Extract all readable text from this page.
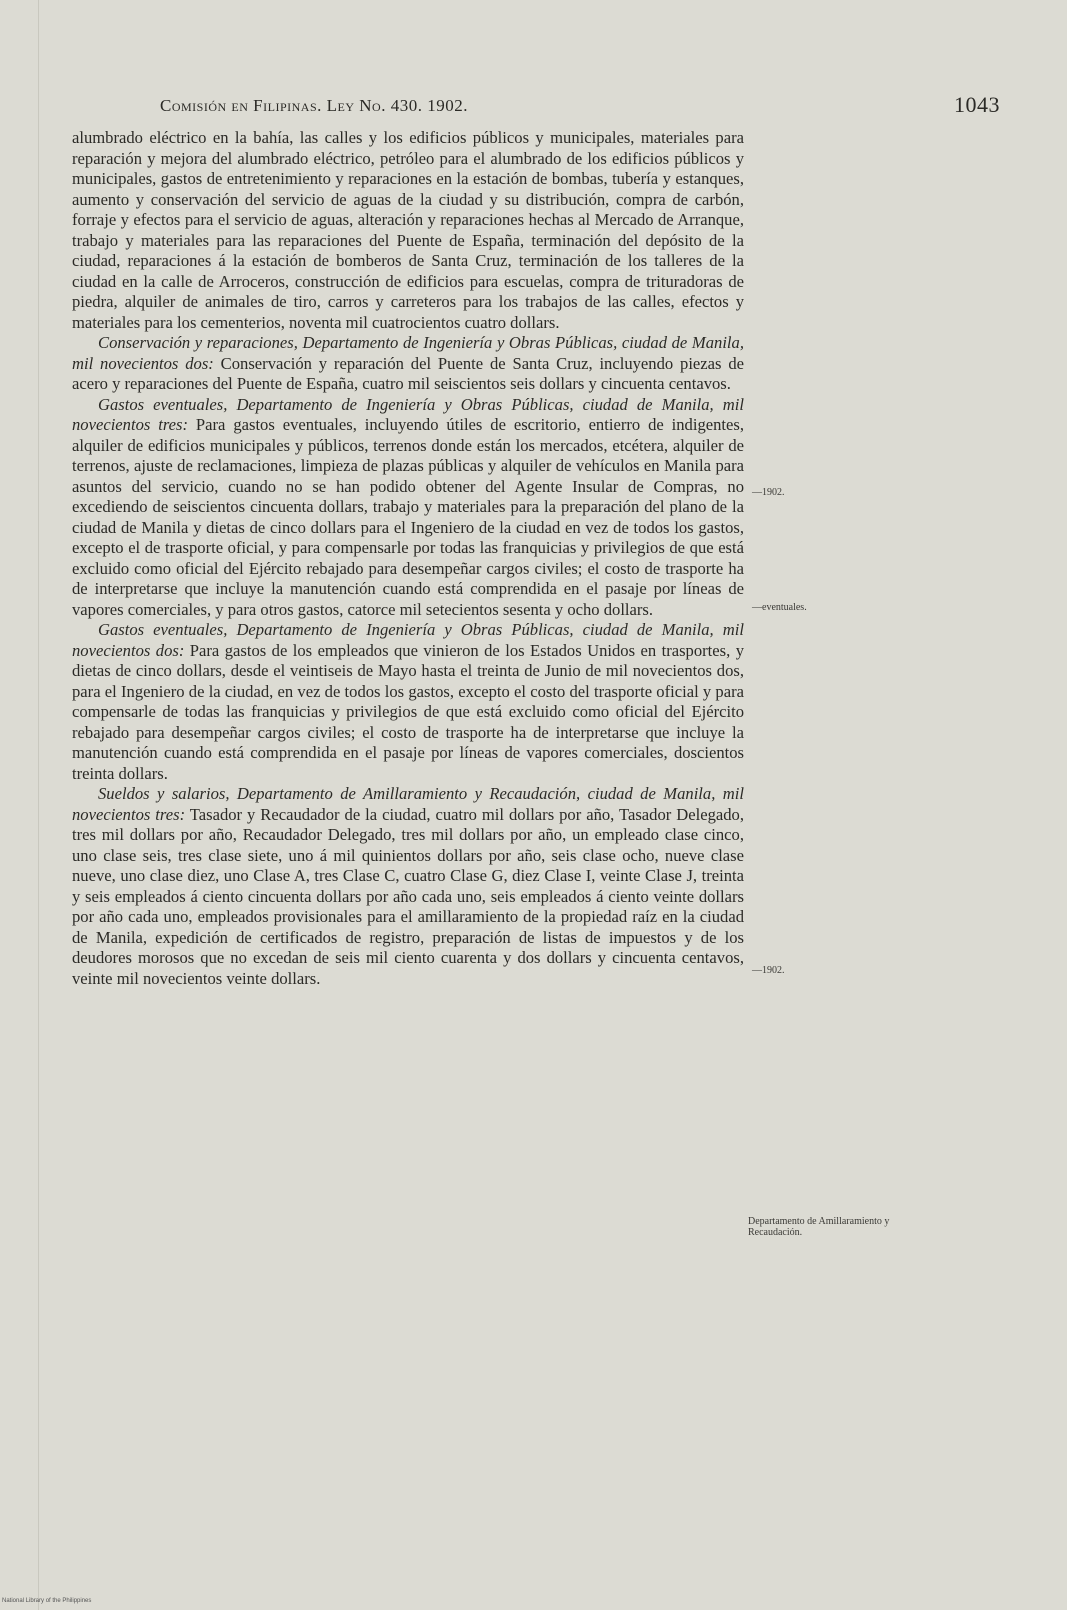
Comisión en Filipinas. Ley No. 430. 1902.	1043

alumbrado eléctrico en la bahía, las calles y los edificios públicos y municipales, materiales para reparación y mejora del alumbrado eléctrico, petróleo para el alumbrado de los edificios públicos y municipales, gastos de entretenimiento y reparaciones en la estación de bombas, tubería y estanques, aumento y conservación del servicio de aguas de la ciudad y su distribución, compra de carbón, forraje y efectos para el servicio de aguas, alteración y reparaciones hechas al Mercado de Arranque, trabajo y materiales para las reparaciones del Puente de España, terminación del depósito de la ciudad, reparaciones á la estación de bomberos de Santa Cruz, terminación de los talleres de la ciudad en la calle de Arroceros, construcción de edificios para escuelas, compra de trituradoras de piedra, alquiler de animales de tiro, carros y carreteros para los trabajos de las calles, efectos y materiales para los cementerios, noventa mil cuatrocientos cuatro dollars.

Conservación y reparaciones, Departamento de Ingeniería y Obras Públicas, ciudad de Manila, mil novecientos dos: Conservación y reparación del Puente de Santa Cruz, incluyendo piezas de acero y reparaciones del Puente de España, cuatro mil seiscientos seis dollars y cincuenta centavos.

Gastos eventuales, Departamento de Ingeniería y Obras Públicas, ciudad de Manila, mil novecientos tres: Para gastos eventuales, incluyendo útiles de escritorio, entierro de indigentes, alquiler de edificios municipales y públicos, terrenos donde están los mercados, etcétera, alquiler de terrenos, ajuste de reclamaciones, limpieza de plazas públicas y alquiler de vehículos en Manila para asuntos del servicio, cuando no se han podido obtener del Agente Insular de Compras, no excediendo de seiscientos cincuenta dollars, trabajo y materiales para la preparación del plano de la ciudad de Manila y dietas de cinco dollars para el Ingeniero de la ciudad en vez de todos los gastos, excepto el de trasporte oficial, y para compensarle por todas las franquicias y privilegios de que está excluido como oficial del Ejército rebajado para desempeñar cargos civiles; el costo de trasporte ha de interpretarse que incluye la manutención cuando está comprendida en el pasaje por líneas de vapores comerciales, y para otros gastos, catorce mil setecientos sesenta y ocho dollars.

Gastos eventuales, Departamento de Ingeniería y Obras Públicas, ciudad de Manila, mil novecientos dos: Para gastos de los empleados que vinieron de los Estados Unidos en trasportes, y dietas de cinco dollars, desde el veintiseis de Mayo hasta el treinta de Junio de mil novecientos dos, para el Ingeniero de la ciudad, en vez de todos los gastos, excepto el costo del trasporte oficial y para compensarle de todas las franquicias y privilegios de que está excluido como oficial del Ejército rebajado para desempeñar cargos civiles; el costo de trasporte ha de interpretarse que incluye la manutención cuando está comprendida en el pasaje por líneas de vapores comerciales, doscientos treinta dollars.

Sueldos y salarios, Departamento de Amillaramiento y Recaudación, ciudad de Manila, mil novecientos tres: Tasador y Recaudador de la ciudad, cuatro mil dollars por año, Tasador Delegado, tres mil dollars por año, Recaudador Delegado, tres mil dollars por año, un empleado clase cinco, uno clase seis, tres clase siete, uno á mil quinientos dollars por año, seis clase ocho, nueve clase nueve, uno clase diez, uno Clase A, tres Clase C, cuatro Clase G, diez Clase I, veinte Clase J, treinta y seis empleados á ciento cincuenta dollars por año cada uno, seis empleados á ciento veinte dollars por año cada uno, empleados provisionales para el amillaramiento de la propiedad raíz en la ciudad de Manila, expedición de certificados de registro, preparación de listas de impuestos y de los deudores morosos que no excedan de seis mil ciento cuarenta y dos dollars y cincuenta centavos, veinte mil novecientos veinte dollars.

—1902.
—eventuales.
—1902.
Departamento de Amillaramiento y Recaudación.
National Library of the Philippines
